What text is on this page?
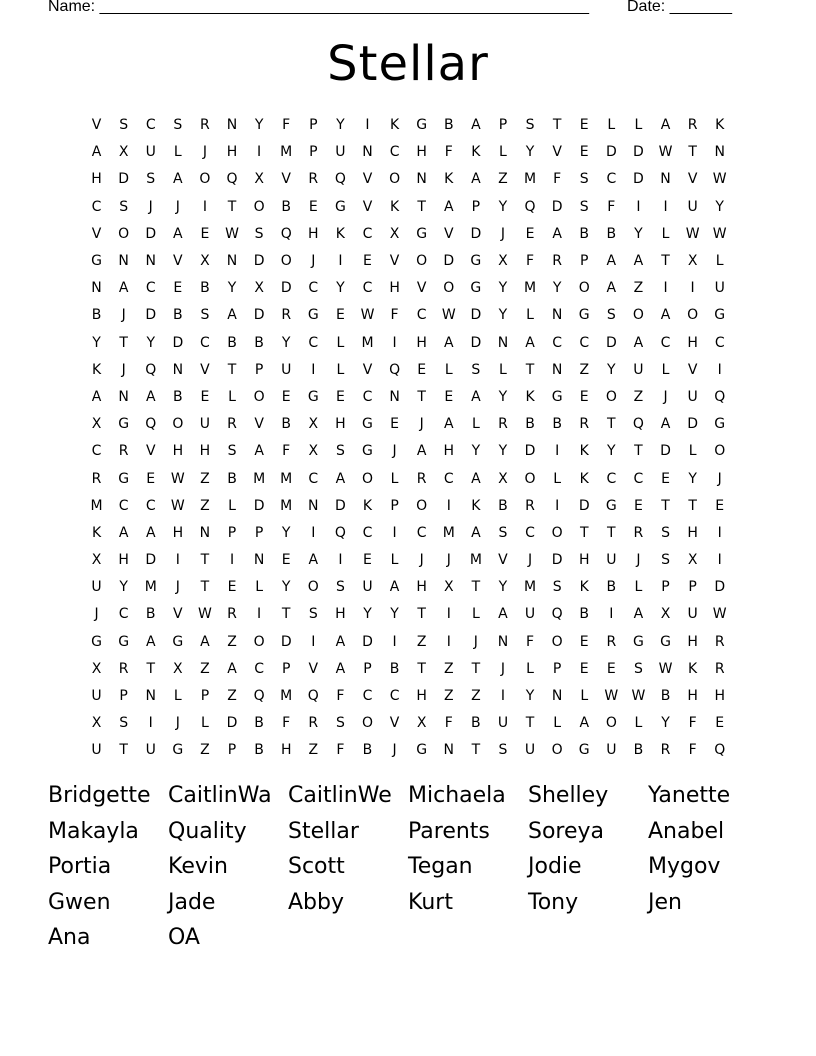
Name: _______________________________________________________ Date: _______
Stellar
V	S	C	S	R	N	Y	F	P	Y	I	K	G	B	A	P	S	T	E	L	L	A	R	K
A	X	U	L	J	H	I	M	P	U	N	C	H	F	K	L	Y	V	E	D	D	W	T	N
H	D	S	A	O	Q	X	V	R	Q	V	O	N	K	A	Z	M	F	S	C	D	N	V	W
C	S	J	J	I	T	O	B	E	G	V	K	T	A	P	Y	Q	D	S	F	I	I	U	Y
V	O	D	A	E	W	S	Q	H	K	C	X	G	V	D	J	E	A	B	B	Y	L	W W
G	N	N	V	X	N	D	O	J	I	E	V	O	D	G	X	F	R	P	A	A	T	X	L
N	A	C	E	B	Y	X	D	C	Y	C	H	V	O	G	Y	M	Y	O	A	Z	I	I	U
B	J	D	B	S	A	D	R	G	E	W	F	C	W	D	Y	L	N	G	S	O	A	O	G
Y	T	Y	D	C	B	B	Y	C	L	M	I	H	A	D	N	A	C	C	D	A	C	H	C
K	J	Q	N	V	T	P	U	I	L	V	Q	E	L	S	L	T	N	Z	Y	U	L	V	I
A	N	A	B	E	L	O	E	G	E	C	N	T	E	A	Y	K	G	E	O	Z	J	U	Q
X	G	Q	O	U	R	V	B	X	H	G	E	J	A	L	R	B	B	R	T	Q	A	D	G
C	R	V	H	H	S	A	F	X	S	G	J	A	H	Y	Y	D	I	K	Y	T	D	L	O
R	G	E	W	Z	B	M	M	C	A	O	L	R	C	A	X	O	L	K	C	C	E	Y	J
M	C	C	W	Z	L	D	M	N	D	K	P	O	I	K	B	R	I	D	G	E	T	T	E
K	A	A	H	N	P	P	Y	I	Q	C	I	C	M	A	S	C	O	T	T	R	S	H	I
X	H	D	I	T	I	N	E	A	I	E	L	J	J	M	V	J	D	H	U	J	S	X	I
U	Y	M	J	T	E	L	Y	O	S	U	A	H	X	T	Y	M	S	K	B	L	P	P	D
J	C	B	V	W	R	I	T	S	H	Y	Y	T	I	L	A	U	Q	B	I	A	X	U	W
G	G	A	G	A	Z	O	D	I	A	D	I	Z	I	J	N	F	O	E	R	G	G	H	R
X	R	T	X	Z	A	C	P	V	A	P	B	T	Z	T	J	L	P	E	E	S	W	K	R
U	P	N	L	P	Z	Q	M	Q	F	C	C	H	Z	Z	I	Y	N	L	W W	B	H	H
X	S	I	J	L	D	B	F	R	S	O	V	X	F	B	U	T	L	A	O	L	Y	F	E
U	T	U	G	Z	P	B	H	Z	F	B	J	G	N	T	S	U	O	G	U	B	R	F	Q
Bridgette CaitlinWa CaitlinWe Michaela	Shelley	Yanette
Makayla	Quality	Stellar	Parents	Soreya	Anabel
Portia	Kevin	Scott	Tegan	Jodie	Mygov
Gwen	Jade	Abby	Kurt	Tony	Jen
Ana	OA
